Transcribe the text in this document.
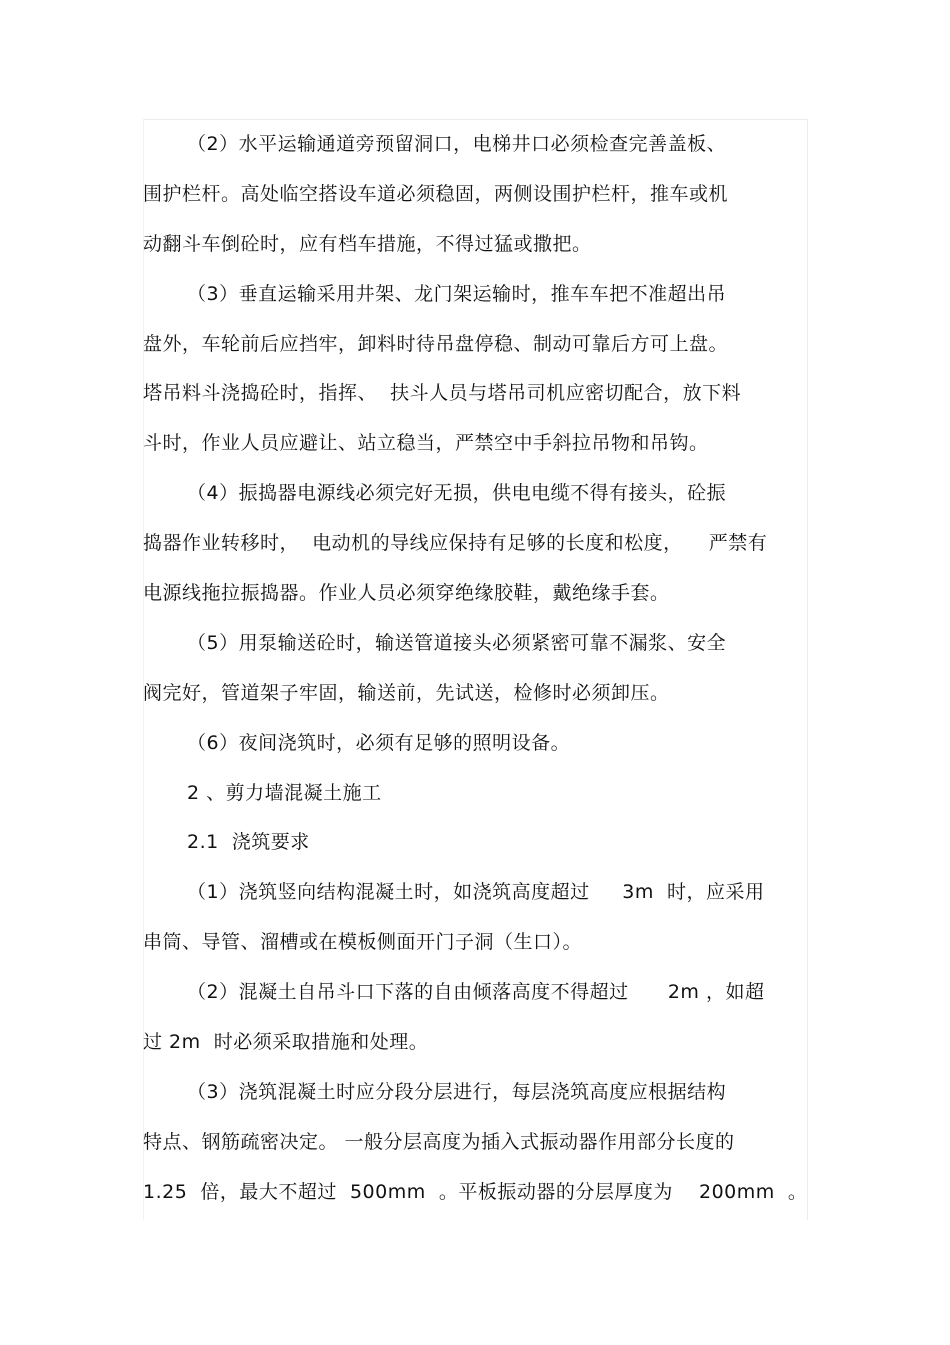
（2）水平运输通道旁预留洞口，电梯井口必须检查完善盖板、
围护栏杆。高处临空搭设车道必须稳固，两侧设围护栏杆，推车或机
动翻斗车倒砼时，应有档车措施，不得过猛或撒把。
（3）垂直运输采用井架、龙门架运输时，推车车把不准超出吊
盘外，车轮前后应挡牢，卸料时待吊盘停稳、制动可靠后方可上盘。
塔吊料斗浇捣砼时，指挥、  扶斗人员与塔吊司机应密切配合，放下料
斗时，作业人员应避让、站立稳当，严禁空中手斜拉吊物和吊钩。
（4）振捣器电源线必须完好无损，供电电缆不得有接头，砼振
捣器作业转移时，  电动机的导线应保持有足够的长度和松度，    严禁有
电源线拖拉振捣器。作业人员必须穿绝缘胶鞋，戴绝缘手套。
（5）用泵输送砼时，输送管道接头必须紧密可靠不漏浆、安全
阀完好，管道架子牢固，输送前，先试送，检修时必须卸压。
（6）夜间浇筑时，必须有足够的照明设备。
2 、剪力墙混凝土施工
2.1  浇筑要求
（1）浇筑竖向结构混凝土时，如浇筑高度超过     3m  时，应采用
串筒、导管、溜槽或在模板侧面开门子洞（生口）。
（2）混凝土自吊斗口下落的自由倾落高度不得超过      2m ，如超
过 2m  时必须采取措施和处理。
（3）浇筑混凝土时应分段分层进行，每层浇筑高度应根据结构
特点、钢筋疏密决定。 一般分层高度为插入式振动器作用部分长度的
1.25  倍，最大不超过  500mm  。平板振动器的分层厚度为    200mm  。
